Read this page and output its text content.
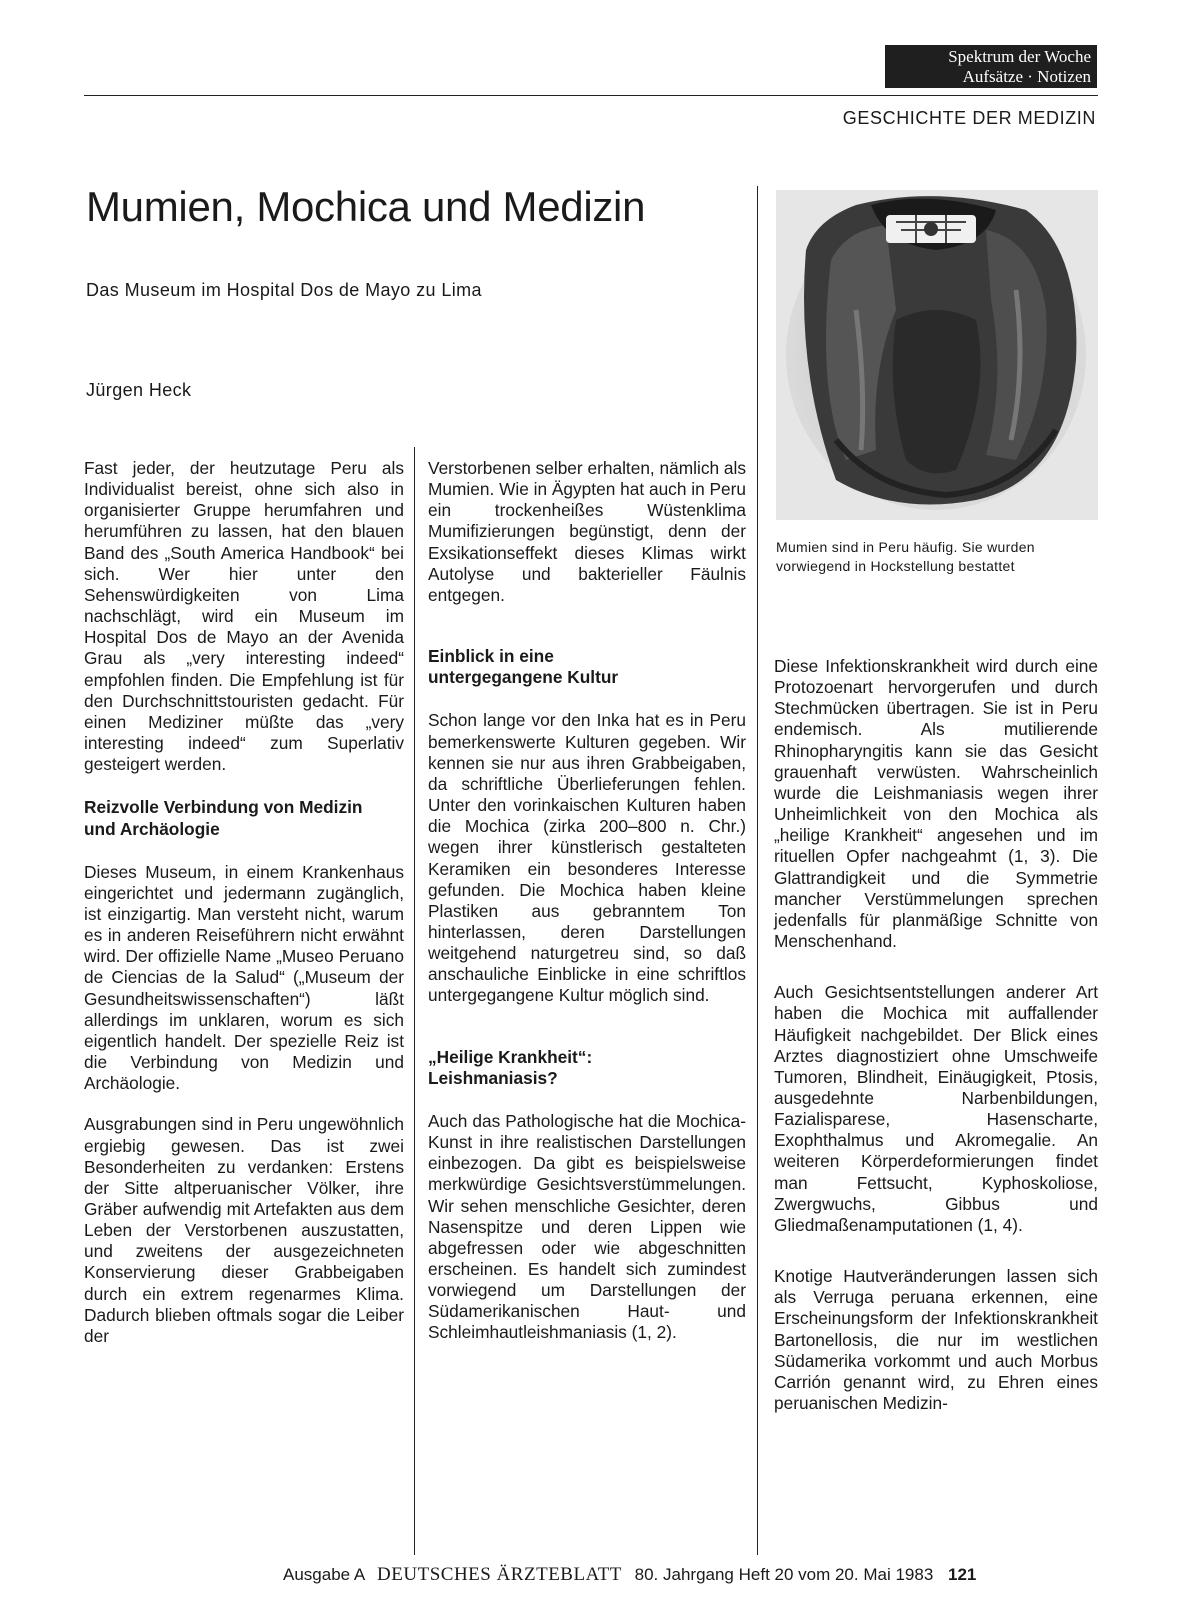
Spektrum der Woche
Aufsätze · Notizen
GESCHICHTE DER MEDIZIN
Mumien, Mochica und Medizin
Das Museum im Hospital Dos de Mayo zu Lima
Jürgen Heck
Mumien sind in Peru häufig. Sie wurden vorwiegend in Hockstellung bestattet

Fast jeder, der heutzutage Peru als Individualist bereist, ohne sich also in organisierter Gruppe herumfahren und herumführen zu lassen, hat den blauen Band des „South America Handbook“ bei sich. Wer hier unter den Sehenswürdigkeiten von Lima nachschlägt, wird ein Museum im Hospital Dos de Mayo an der Avenida Grau als „very interesting indeed“ empfohlen finden. Die Empfehlung ist für den Durchschnittstouristen gedacht. Für einen Mediziner müßte das „very interesting indeed“ zum Superlativ gesteigert werden.

Reizvolle Verbindung von Medizin und Archäologie

Dieses Museum, in einem Krankenhaus eingerichtet und jedermann zugänglich, ist einzigartig. Man versteht nicht, warum es in anderen Reiseführern nicht erwähnt wird. Der offizielle Name „Museo Peruano de Ciencias de la Salud“ („Museum der Gesundheitswissenschaften“) läßt allerdings im unklaren, worum es sich eigentlich handelt. Der spezielle Reiz ist die Verbindung von Medizin und Archäologie.

Ausgrabungen sind in Peru ungewöhnlich ergiebig gewesen. Das ist zwei Besonderheiten zu verdanken: Erstens der Sitte altperuanischer Völker, ihre Gräber aufwendig mit Artefakten aus dem Leben der Verstorbenen auszustatten, und zweitens der ausgezeichneten Konservierung dieser Grabbeigaben durch ein extrem regenarmes Klima. Dadurch blieben oftmals sogar die Leiber der

Verstorbenen selber erhalten, nämlich als Mumien. Wie in Ägypten hat auch in Peru ein trockenheißes Wüstenklima Mumifizierungen begünstigt, denn der Exsikationseffekt dieses Klimas wirkt Autolyse und bakterieller Fäulnis entgegen.

Einblick in eine untergegangene Kultur

Schon lange vor den Inka hat es in Peru bemerkenswerte Kulturen gegeben. Wir kennen sie nur aus ihren Grabbeigaben, da schriftliche Überlieferungen fehlen. Unter den vorinkaischen Kulturen haben die Mochica (zirka 200–800 n. Chr.) wegen ihrer künstlerisch gestalteten Keramiken ein besonderes Interesse gefunden. Die Mochica haben kleine Plastiken aus gebranntem Ton hinterlassen, deren Darstellungen weitgehend naturgetreu sind, so daß anschauliche Einblicke in eine schriftlos untergegangene Kultur möglich sind.

„Heilige Krankheit“: Leishmaniasis?

Auch das Pathologische hat die Mochica-Kunst in ihre realistischen Darstellungen einbezogen. Da gibt es beispielsweise merkwürdige Gesichtsverstümmelungen. Wir sehen menschliche Gesichter, deren Nasenspitze und deren Lippen wie abgefressen oder wie abgeschnitten erscheinen. Es handelt sich zumindest vorwiegend um Darstellungen der Südamerikanischen Haut- und Schleimhautleishmaniasis (1, 2).

Diese Infektionskrankheit wird durch eine Protozoenart hervorgerufen und durch Stechmücken übertragen. Sie ist in Peru endemisch. Als mutilierende Rhinopharyngitis kann sie das Gesicht grauenhaft verwüsten. Wahrscheinlich wurde die Leishmaniasis wegen ihrer Unheimlichkeit von den Mochica als „heilige Krankheit“ angesehen und im rituellen Opfer nachgeahmt (1, 3). Die Glattrandigkeit und die Symmetrie mancher Verstümmelungen sprechen jedenfalls für planmäßige Schnitte von Menschenhand.

Auch Gesichtsentstellungen anderer Art haben die Mochica mit auffallender Häufigkeit nachgebildet. Der Blick eines Arztes diagnostiziert ohne Umschweife Tumoren, Blindheit, Einäugigkeit, Ptosis, ausgedehnte Narbenbildungen, Fazialisparese, Hasenscharte, Exophthalmus und Akromegalie. An weiteren Körperdeformierungen findet man Fettsucht, Kyphoskoliose, Zwergwuchs, Gibbus und Gliedmaßenamputationen (1, 4).

Knotige Hautveränderungen lassen sich als Verruga peruana erkennen, eine Erscheinungsform der Infektionskrankheit Bartonellosis, die nur im westlichen Südamerika vorkommt und auch Morbus Carrión genannt wird, zu Ehren eines peruanischen Medizin-

Ausgabe A DEUTSCHES ÄRZTEBLATT 80. Jahrgang Heft 20 vom 20. Mai 1983 121
